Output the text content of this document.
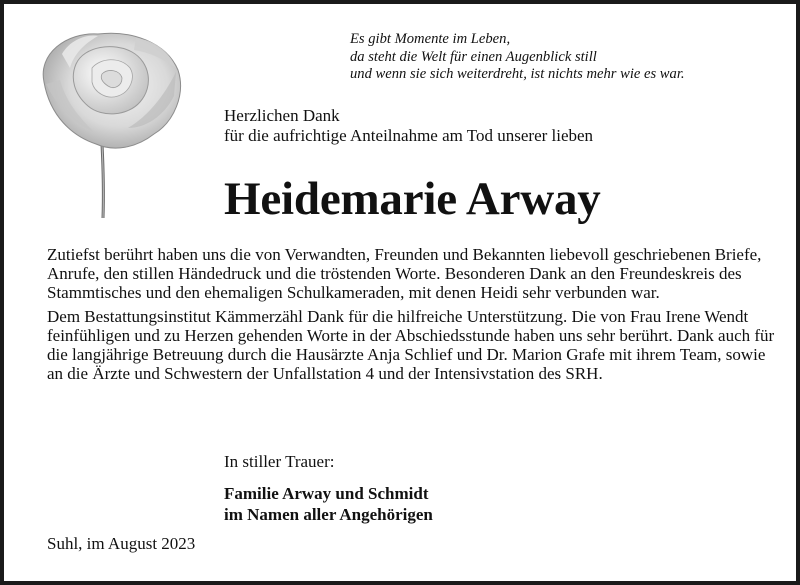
Es gibt Momente im Leben,
da steht die Welt für einen Augenblick still
und wenn sie sich weiterdreht, ist nichts mehr wie es war.
Herzlichen Dank
für die aufrichtige Anteilnahme am Tod unserer lieben
Heidemarie Arway

Zutiefst berührt haben uns die von Verwandten, Freunden und Bekannten liebevoll geschriebenen Briefe, Anrufe, den stillen Händedruck und die tröstenden Worte. Besonderen Dank an den Freundeskreis des Stammtisches und den ehemaligen Schulkameraden, mit denen Heidi sehr verbunden war.

Dem Bestattungsinstitut Kämmerzähl Dank für die hilfreiche Unterstützung. Die von Frau Irene Wendt feinfühligen und zu Herzen gehenden Worte in der Abschiedsstunde haben uns sehr berührt. Dank auch für die langjährige Betreuung durch die Hausärzte Anja Schlief und Dr. Marion Grafe mit ihrem Team, sowie an die Ärzte und Schwestern der Unfallstation 4 und der Intensivstation des SRH.

In stiller Trauer:
Familie Arway und Schmidt
im Namen aller Angehörigen
Suhl, im August 2023
